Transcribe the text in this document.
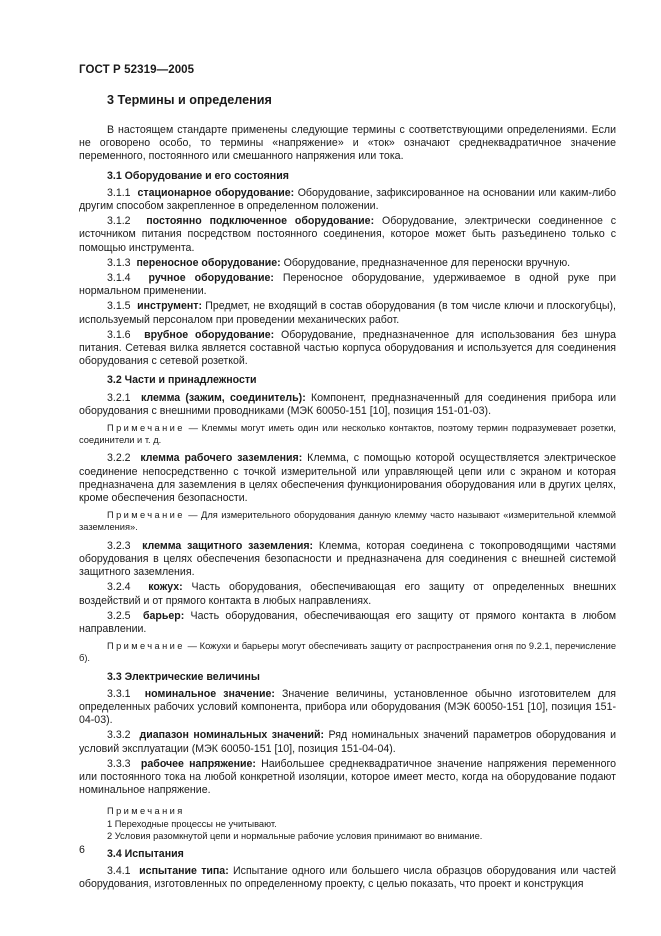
ГОСТ Р 52319—2005
3 Термины и определения

В настоящем стандарте применены следующие термины с соответствующими определениями. Если не оговорено особо, то термины «напряжение» и «ток» означают среднеквадратичное значение переменного, постоянного или смешанного напряжения или тока.

3.1 Оборудование и его состояния

3.1.1 стационарное оборудование: Оборудование, зафиксированное на основании или каким-либо другим способом закрепленное в определенном положении.

3.1.2 постоянно подключенное оборудование: Оборудование, электрически соединенное с источником питания посредством постоянного соединения, которое может быть разъединено только с помощью инструмента.

3.1.3 переносное оборудование: Оборудование, предназначенное для переноски вручную.

3.1.4 ручное оборудование: Переносное оборудование, удерживаемое в одной руке при нормальном применении.

3.1.5 инструмент: Предмет, не входящий в состав оборудования (в том числе ключи и плоскогубцы), используемый персоналом при проведении механических работ.

3.1.6 врубное оборудование: Оборудование, предназначенное для использования без шнура питания. Сетевая вилка является составной частью корпуса оборудования и используется для соединения оборудования с сетевой розеткой.

3.2 Части и принадлежности

3.2.1 клемма (зажим, соединитель): Компонент, предназначенный для соединения прибора или оборудования с внешними проводниками (МЭК 60050-151 [10], позиция 151-01-03).

Примечание — Клеммы могут иметь один или несколько контактов, поэтому термин подразумевает розетки, соединители и т. д.

3.2.2 клемма рабочего заземления: Клемма, с помощью которой осуществляется электрическое соединение непосредственно с точкой измерительной или управляющей цепи или с экраном и которая предназначена для заземления в целях обеспечения функционирования оборудования или в других целях, кроме обеспечения безопасности.

Примечание — Для измерительного оборудования данную клемму часто называют «измерительной клеммой заземления».

3.2.3 клемма защитного заземления: Клемма, которая соединена с токопроводящими частями оборудования в целях обеспечения безопасности и предназначена для соединения с внешней системой защитного заземления.

3.2.4 кожух: Часть оборудования, обеспечивающая его защиту от определенных внешних воздействий и от прямого контакта в любых направлениях.

3.2.5 барьер: Часть оборудования, обеспечивающая его защиту от прямого контакта в любом направлении.

Примечание — Кожухи и барьеры могут обеспечивать защиту от распространения огня по 9.2.1, перечисление б).
3.3 Электрические величины

3.3.1 номинальное значение: Значение величины, установленное обычно изготовителем для определенных рабочих условий компонента, прибора или оборудования (МЭК 60050-151 [10], позиция 151-04-03).

3.3.2 диапазон номинальных значений: Ряд номинальных значений параметров оборудования и условий эксплуатации (МЭК 60050-151 [10], позиция 151-04-04).

3.3.3 рабочее напряжение: Наибольшее среднеквадратичное значение напряжения переменного или постоянного тока на любой конкретной изоляции, которое имеет место, когда на оборудование подают номинальное напряжение.

Примечания
1 Переходные процессы не учитывают.
2 Условия разомкнутой цепи и нормальные рабочие условия принимают во внимание.
3.4 Испытания

3.4.1 испытание типа: Испытание одного или большего числа образцов оборудования или частей оборудования, изготовленных по определенному проекту, с целью показать, что проект и конструкция

6
